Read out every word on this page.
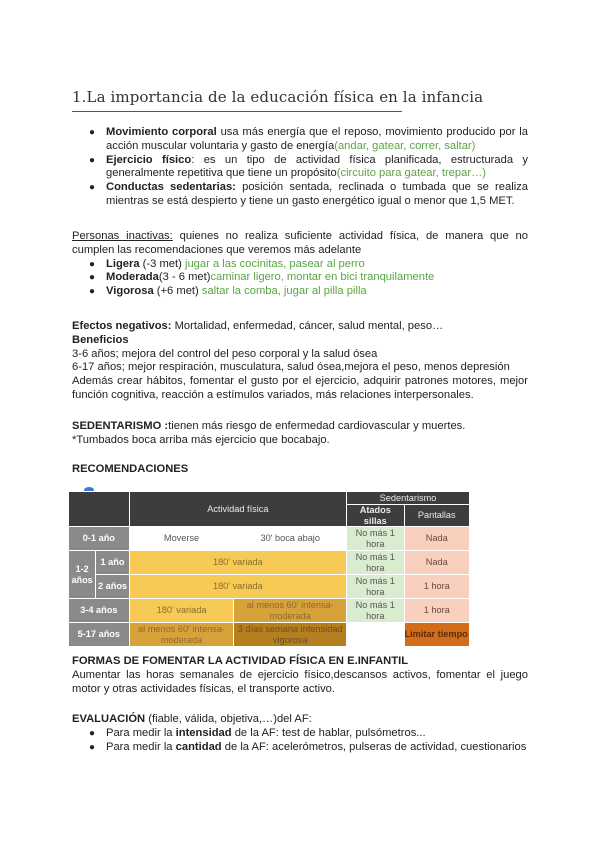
1.La importancia de la educación física en la infancia
● Movimiento corporal usa más energía que el reposo, movimiento producido por la acción muscular voluntaria y gasto de energía(andar, gatear, correr, saltar)
● Ejercicio físico: es un tipo de actividad física planificada, estructurada y generalmente repetitiva que tiene un propósito(circuito para gatear, trepar…)
● Conductas sedentarias: posición sentada, reclinada o tumbada que se realiza mientras se está despierto y tiene un gasto energético igual o menor que 1,5 MET.

Personas inactivas: quienes no realiza suficiente actividad física, de manera que no cumplen las recomendaciones que veremos más adelante

● Ligera (-3 met) jugar a las cocinitas, pasear al perro
● Moderada(3 - 6 met)caminar ligero, montar en bici tranquilamente
● Vigorosa (+6 met) saltar la comba, jugar al pilla pilla

Efectos negativos: Mortalidad, enfermedad, cáncer, salud mental, peso…

Beneficios

3-6 años; mejora del control del peso corporal y la salud ósea

6-17 años; mejor respiración, musculatura, salud ósea,mejora el peso, menos depresión

Además crear hábitos, fomentar el gusto por el ejercicio, adquirir patrones motores, mejor función cognitiva, reacción a estímulos variados, más relaciones interpersonales.

SEDENTARISMO :tienen más riesgo de enfermedad cardiovascular y muertes.

*Tumbados boca arriba más ejercicio que bocabajo.

RECOMENDACIONES
		Actividad física		Sedentarismo	
				Atados sillas	Pantallas
0-1 año		Moverse	30' boca abajo	No más 1 hora	Nada
1-2
años	1 año	180' variada		No más 1 hora	Nada
	2 años	180' variada		No más 1 hora	1 hora
3-4 años		180' variada	al menos 60' intensa-moderada	No más 1 hora	1 hora
5-17 años		al menos 60' intensa-moderada	3 días semana intensidad vigorosa		Limitar tiempo

FORMAS DE FOMENTAR LA ACTIVIDAD FÍSICA EN E.INFANTIL

Aumentar las horas semanales de ejercicio físico,descansos activos, fomentar el juego motor y otras actividades físicas, el transporte activo.

EVALUACIÓN (fiable, válida, objetiva,…)del AF:

● Para medir la intensidad de la AF: test de hablar, pulsómetros...
● Para medir la cantidad de la AF: acelerómetros, pulseras de actividad, cuestionarios
